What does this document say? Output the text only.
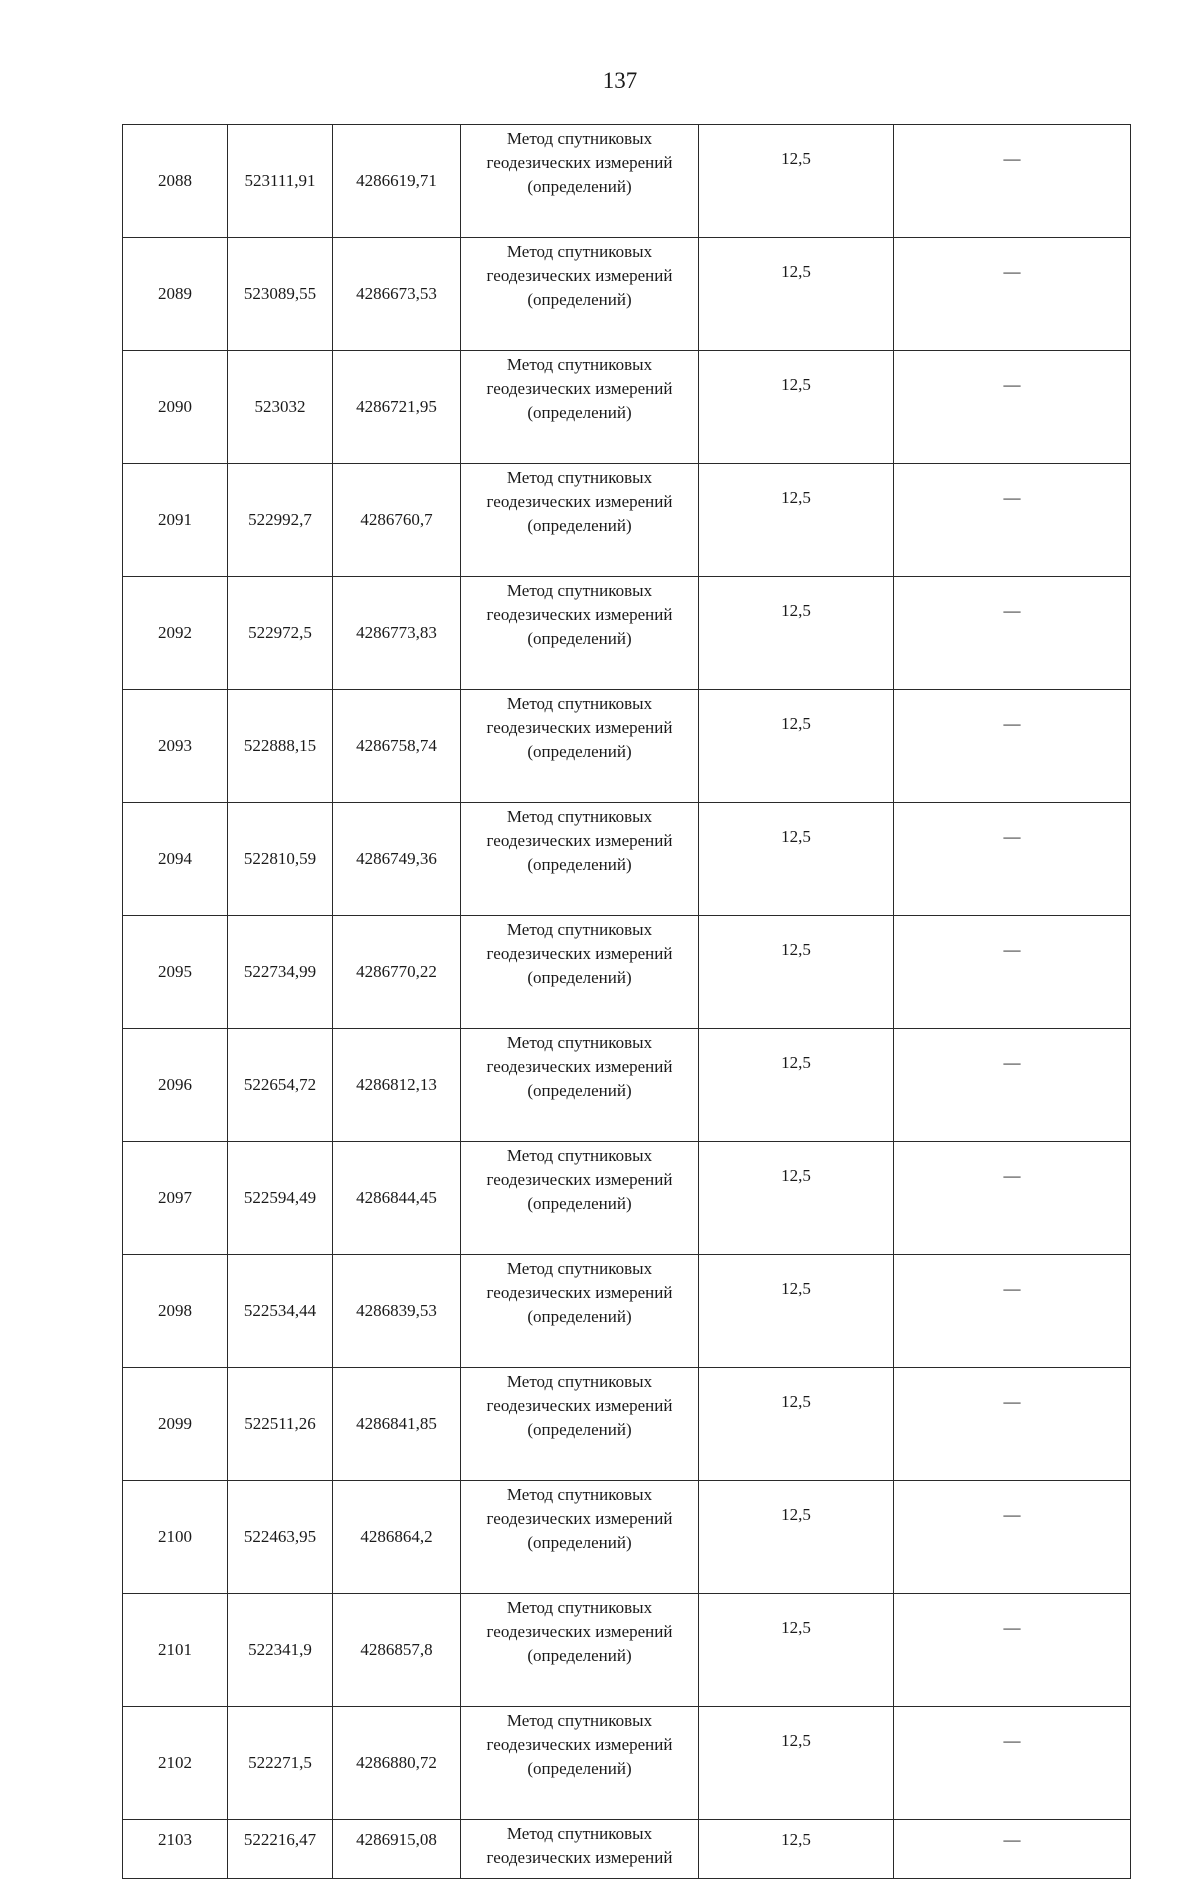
137
2088	523111,91	4286619,71	Метод спутниковых
геодезических измерений
(определений)	12,5	—
2089	523089,55	4286673,53	Метод спутниковых
геодезических измерений
(определений)	12,5	—
2090	523032	4286721,95	Метод спутниковых
геодезических измерений
(определений)	12,5	—
2091	522992,7	4286760,7	Метод спутниковых
геодезических измерений
(определений)	12,5	—
2092	522972,5	4286773,83	Метод спутниковых
геодезических измерений
(определений)	12,5	—
2093	522888,15	4286758,74	Метод спутниковых
геодезических измерений
(определений)	12,5	—
2094	522810,59	4286749,36	Метод спутниковых
геодезических измерений
(определений)	12,5	—
2095	522734,99	4286770,22	Метод спутниковых
геодезических измерений
(определений)	12,5	—
2096	522654,72	4286812,13	Метод спутниковых
геодезических измерений
(определений)	12,5	—
2097	522594,49	4286844,45	Метод спутниковых
геодезических измерений
(определений)	12,5	—
2098	522534,44	4286839,53	Метод спутниковых
геодезических измерений
(определений)	12,5	—
2099	522511,26	4286841,85	Метод спутниковых
геодезических измерений
(определений)	12,5	—
2100	522463,95	4286864,2	Метод спутниковых
геодезических измерений
(определений)	12,5	—
2101	522341,9	4286857,8	Метод спутниковых
геодезических измерений
(определений)	12,5	—
2102	522271,5	4286880,72	Метод спутниковых
геодезических измерений
(определений)	12,5	—
2103	522216,47	4286915,08	Метод спутниковых
геодезических измерений	12,5	—
